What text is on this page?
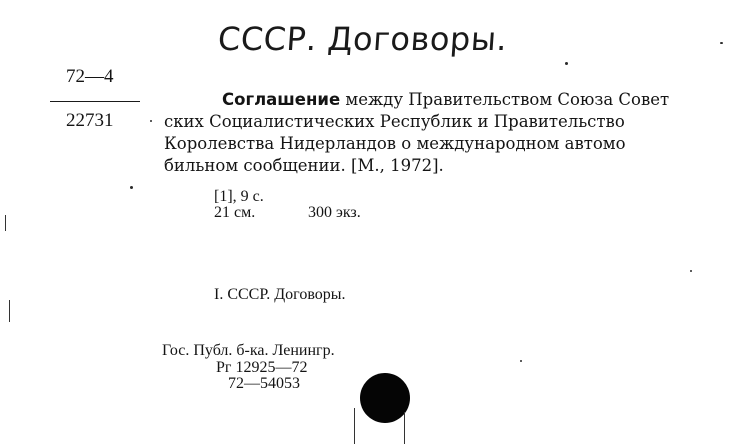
СССР. Договоры.
72—4
22731
Соглашение между Правительством Союза Совет
ских Социалистических Республик и Правительство
Королевства Нидерландов о международном автомо
бильном сообщении. [М., 1972].
[1], 9 с.
21 см.	300 экз.
I. СССР. Договоры.
Гос. Публ. б-ка. Ленингр.
Рг 12925—72
72—54053
